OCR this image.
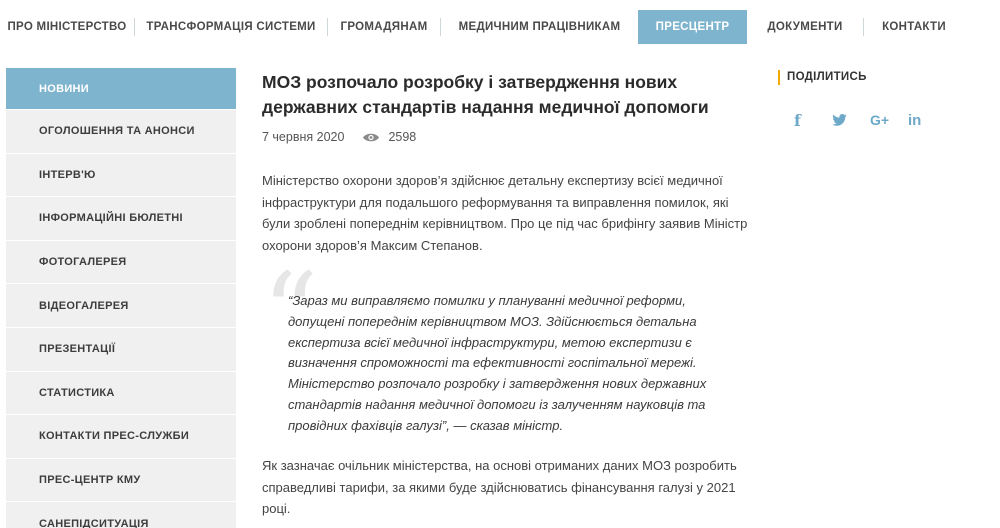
ПРО МІНІСТЕРСТВО ТРАНСФОРМАЦІЯ СИСТЕМИ ГРОМАДЯНАМ	МЕДИЧНИМ ПРАЦІВНИКАМ	ПРЕСЦЕНТР	ДОКУМЕНТИ	КОНТАКТИ
НОВИНИ
ОГОЛОШЕННЯ ТА АНОНСИ
ІНТЕРВ'Ю
ІНФОРМАЦІЙНІ БЮЛЕТНІ
ФОТОГАЛЕРЕЯ
ВІДЕОГАЛЕРЕЯ
ПРЕЗЕНТАЦІЇ
СТАТИСТИКА
КОНТАКТИ ПРЕС-СЛУЖБИ
ПРЕС-ЦЕНТР КМУ
САНЕПІДСИТУАЦІЯ
МОЗ розпочало розробку і затвердження нових державних стандартів надання медичної допомоги
7 червня 2020	2598

Міністерство охорони здоров’я здійснює детальну експертизу всієї медичної інфраструктури для подальшого реформування та виправлення помилок, які були зроблені попереднім керівництвом. Про це під час брифінгу заявив Міністр охорони здоров’я Максим Степанов.

“

“Зараз ми виправляємо помилки у плануванні медичної реформи, допущені попереднім керівництвом МОЗ. Здійснюється детальна експертиза всієї медичної інфраструктури, метою експертизи є визначення спроможності та ефективності госпітальної мережі. Міністерство розпочало розробку і затвердження нових державних стандартів надання медичної допомоги із залученням науковців та провідних фахівців галузі”, — сказав міністр.

Як зазначає очільник міністерства, на основі отриманих даних МОЗ розробить справедливі тарифи, за якими буде здійснюватись фінансування галузі у 2021 році.

ПОДІЛИТИСЬ
f	G+	in
